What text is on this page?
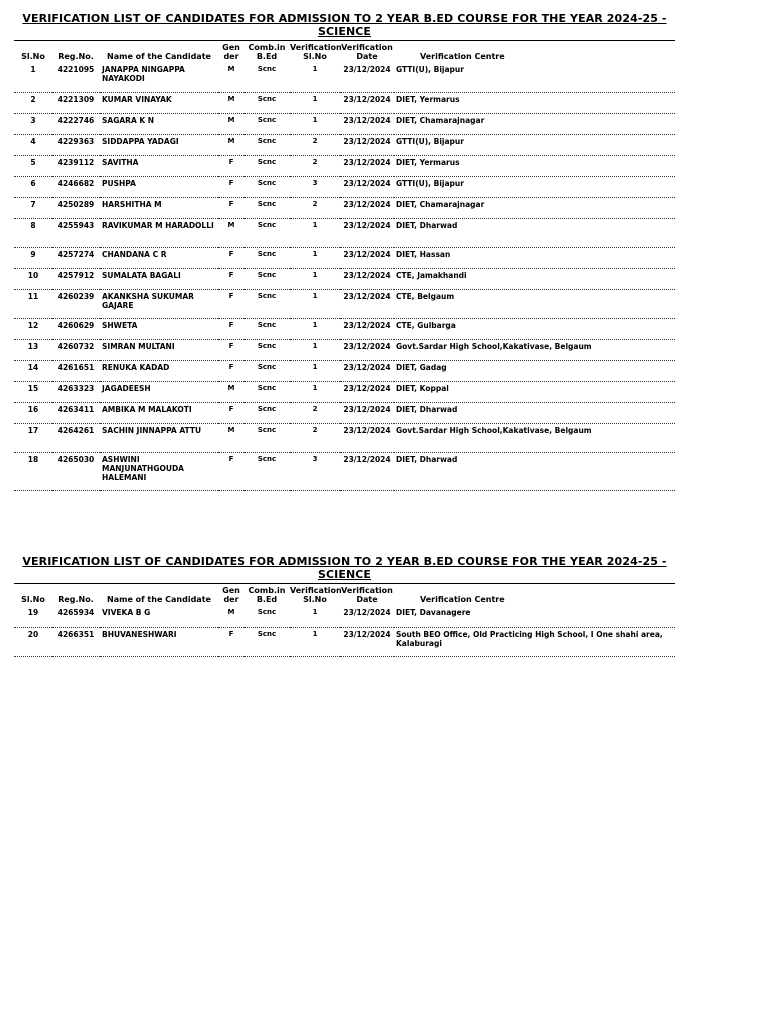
VERIFICATION LIST OF CANDIDATES FOR ADMISSION TO 2 YEAR B.ED COURSE FOR THE YEAR 2024-25 - SCIENCE
Sl.No	Reg.No.	Name of the Candidate	Gen der	Comb.in B.Ed	Verification Sl.No	Verification Date	Verification Centre
1	4221095	JANAPPA NINGAPPA NAYAKODI	M	Scnc	1	23/12/2024	GTTI(U), Bijapur
2	4221309	KUMAR VINAYAK	M	Scnc	1	23/12/2024	DIET, Yermarus
3	4222746	SAGARA K N	M	Scnc	1	23/12/2024	DIET, Chamarajnagar
4	4229363	SIDDAPPA YADAGI	M	Scnc	2	23/12/2024	GTTI(U), Bijapur
5	4239112	SAVITHA	F	Scnc	2	23/12/2024	DIET, Yermarus
6	4246682	PUSHPA	F	Scnc	3	23/12/2024	GTTI(U), Bijapur
7	4250289	HARSHITHA M	F	Scnc	2	23/12/2024	DIET, Chamarajnagar
8	4255943	RAVIKUMAR M HARADOLLI	M	Scnc	1	23/12/2024	DIET, Dharwad
9	4257274	CHANDANA C R	F	Scnc	1	23/12/2024	DIET, Hassan
10	4257912	SUMALATA BAGALI	F	Scnc	1	23/12/2024	CTE, Jamakhandi
11	4260239	AKANKSHA SUKUMAR GAJARE	F	Scnc	1	23/12/2024	CTE, Belgaum
12	4260629	SHWETA	F	Scnc	1	23/12/2024	CTE, Gulbarga
13	4260732	SIMRAN MULTANI	F	Scnc	1	23/12/2024	Govt.Sardar High School,Kakativase, Belgaum
14	4261651	RENUKA KADAD	F	Scnc	1	23/12/2024	DIET, Gadag
15	4263323	JAGADEESH	M	Scnc	1	23/12/2024	DIET, Koppal
16	4263411	AMBIKA M MALAKOTI	F	Scnc	2	23/12/2024	DIET, Dharwad
17	4264261	SACHIN JINNAPPA ATTU	M	Scnc	2	23/12/2024	Govt.Sardar High School,Kakativase, Belgaum
18	4265030	ASHWINI MANJUNATHGOUDA HALEMANI	F	Scnc	3	23/12/2024	DIET, Dharwad
VERIFICATION LIST OF CANDIDATES FOR ADMISSION TO 2 YEAR B.ED COURSE FOR THE YEAR 2024-25 - SCIENCE
Sl.No	Reg.No.	Name of the Candidate	Gen der	Comb.in B.Ed	Verification Sl.No	Verification Date	Verification Centre
19	4265934	VIVEKA B G	M	Scnc	1	23/12/2024	DIET, Davanagere
20	4266351	BHUVANESHWARI	F	Scnc	1	23/12/2024	South BEO Office, Old Practicing High School, I One shahi area, Kalaburagi
